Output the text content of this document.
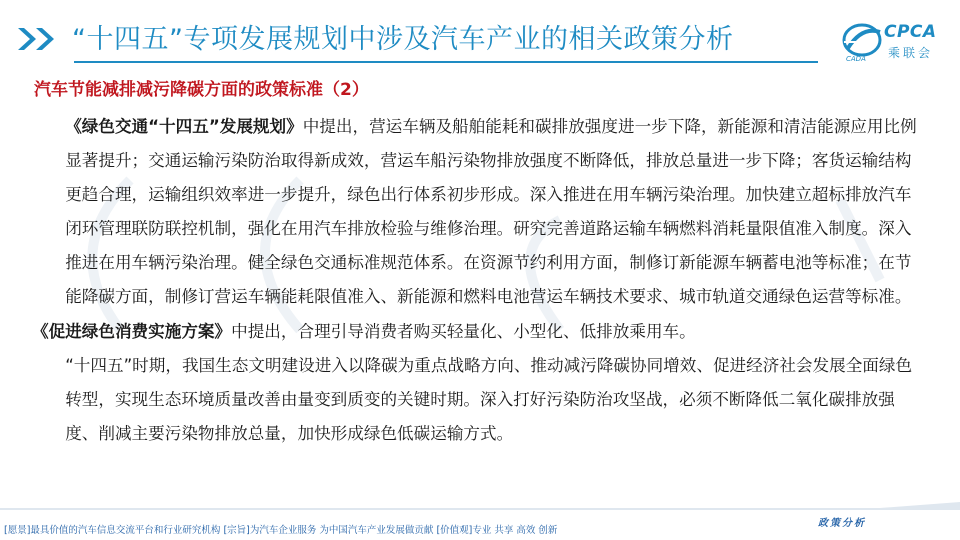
“十四五”专项发展规划中涉及汽车产业的相关政策分析	CPCA
乘联会
CADA
汽车节能减排减污降碳方面的政策标准（2）

《绿色交通“十四五”发展规划》中提出，营运车辆及船舶能耗和碳排放强度进一步下降，新能源和清洁能源应用比例显著提升；交通运输污染防治取得新成效，营运车船污染物排放强度不断降低，排放总量进一步下降；客货运输结构更趋合理，运输组织效率进一步提升，绿色出行体系初步形成。深入推进在用车辆污染治理。加快建立超标排放汽车闭环管理联防联控机制，强化在用汽车排放检验与维修治理。研究完善道路运输车辆燃料消耗量限值准入制度。深入推进在用车辆污染治理。健全绿色交通标准规范体系。在资源节约利用方面，制修订新能源车辆蓄电池等标准；在节能降碳方面，制修订营运车辆能耗限值准入、新能源和燃料电池营运车辆技术要求、城市轨道交通绿色运营等标准。

《促进绿色消费实施方案》中提出，合理引导消费者购买轻量化、小型化、低排放乘用车。

“十四五”时期，我国生态文明建设进入以降碳为重点战略方向、推动减污降碳协同增效、促进经济社会发展全面绿色转型，实现生态环境质量改善由量变到质变的关键时期。深入打好污染防治攻坚战，必须不断降低二氧化碳排放强度、削减主要污染物排放总量，加快形成绿色低碳运输方式。

[愿景]最具价值的汽车信息交流平台和行业研究机构 [宗旨]为汽车企业服务 为中国汽车产业发展做贡献 [价值观]专业 共享 高效 创新
政策分析
